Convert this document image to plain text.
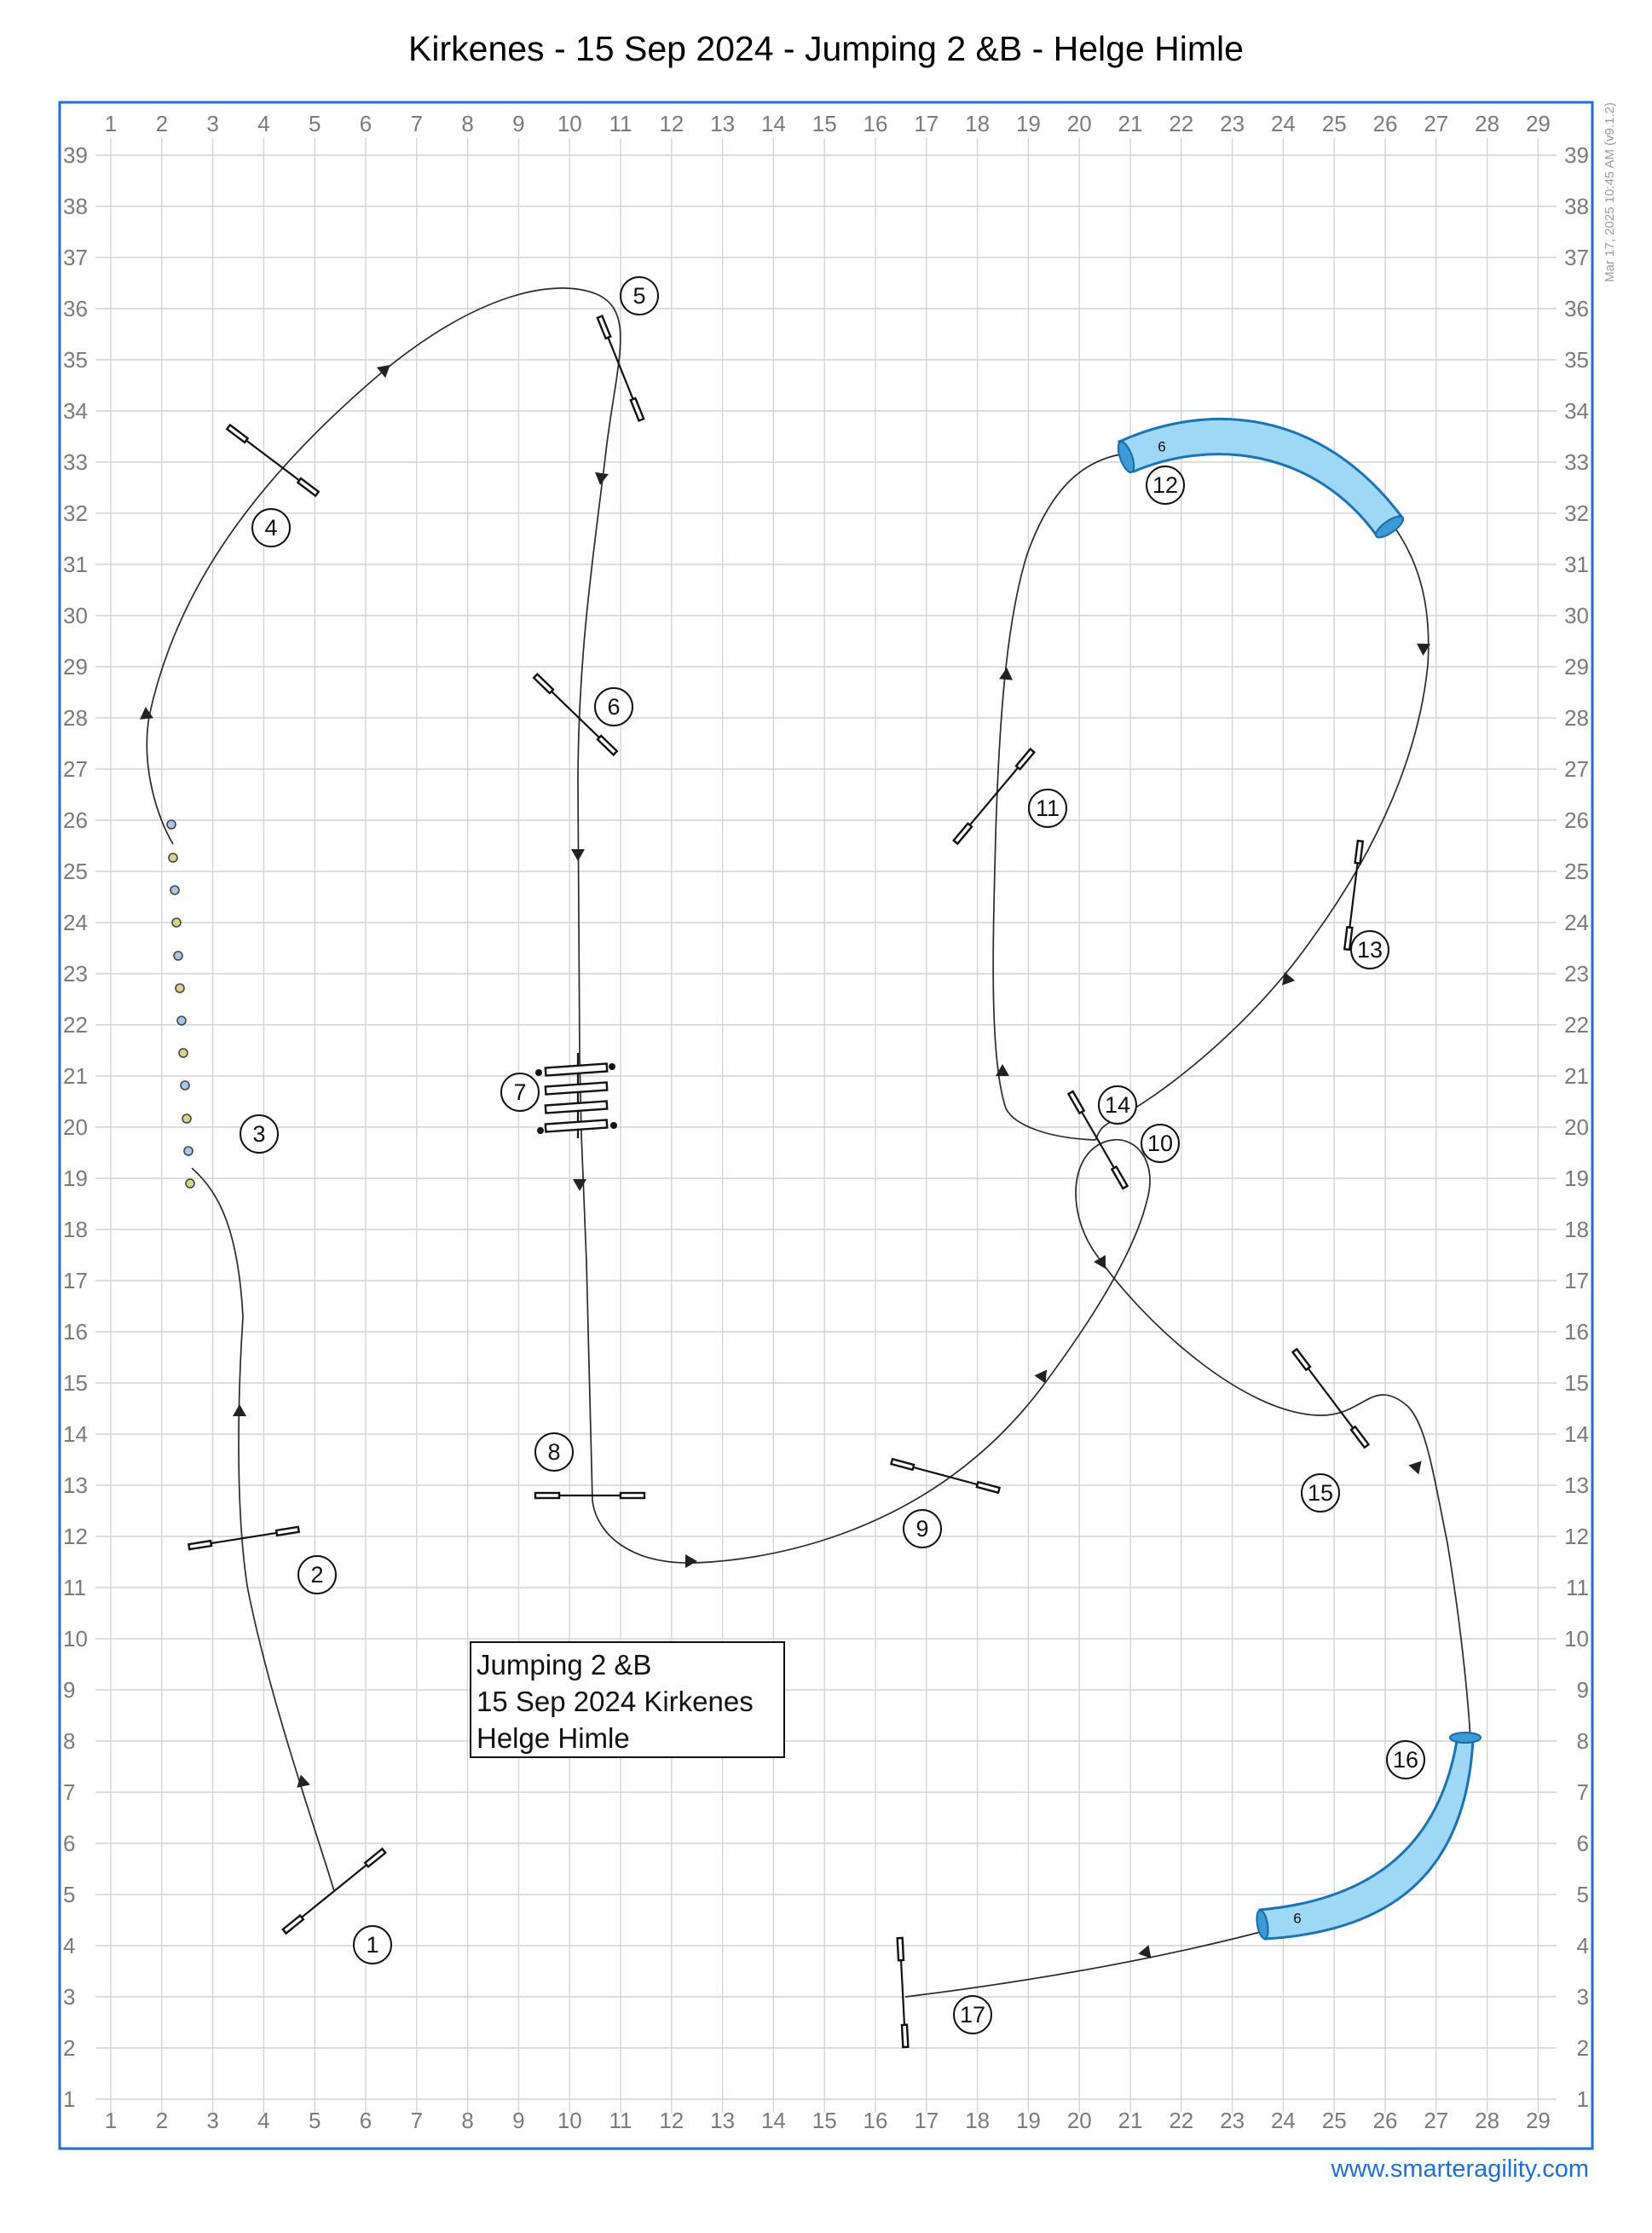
Kirkenes - 15 Sep 2024 - Jumping 2 &B - Helge Himle
1
1
2
2
3
3
4
4
5
5
6
6
7
7
8
8
9
9
10
10
11
11
12
12
13
13
14
14
15
15
16
16
17
17
18
18
19
19
20
20
21
21
22
22
23
23
24
24
25
25
26
26
27
27
28
28
29
29
39	39
38	38
37	37
36	36
35	35
34	34
33	33
32	32
31	31
30	30
29	29
28	28
27	27
26	26
25	25
24	24
23	23
22	22
21	21
20	20
19	19
18	18
17	17
16	16
15	15
14	14
13	13
12	12
11	11
10	10
9	9
8	8
7	7
6	6
5	5
4	4
3	3
2	2
1	1
6
6
1
2
3
4
5
6
7
8
9
10
11
12
13
14
15
16
17
Jumping 2 &B
15 Sep 2024 Kirkenes
Helge Himle
Mar 17, 2025 10:45 AM (v9.1.2)
www.smarteragility.com
